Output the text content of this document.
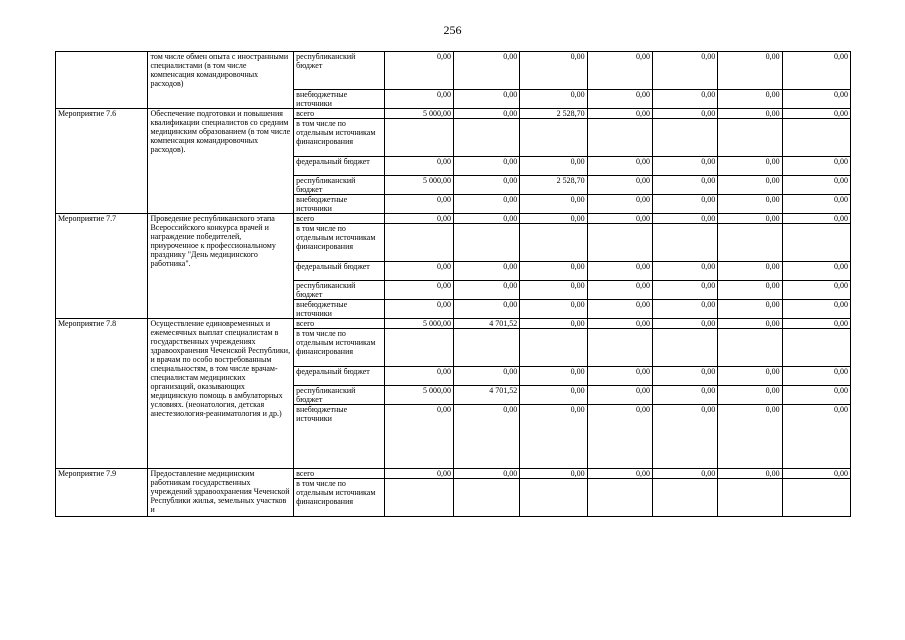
256
	том числе обмен опыта с иностранными специалистами (в том числе компенсация командировочных расходов)	республиканский бюджет	0,00	0,00	0,00	0,00	0,00	0,00	0,00
		внебюджетные источники	0,00	0,00	0,00	0,00	0,00	0,00	0,00
Мероприятие 7.6	Обеспечение подготовки и повышения квалификации специалистов со средним медицинским образованием (в том числе компенсация командировочных расходов).	всего	5 000,00	0,00	2 528,70	0,00	0,00	0,00	0,00
		в том числе по отдельным источникам финансирования							
		федеральный бюджет	0,00	0,00	0,00	0,00	0,00	0,00	0,00
		республиканский бюджет	5 000,00	0,00	2 528,70	0,00	0,00	0,00	0,00
		внебюджетные источники	0,00	0,00	0,00	0,00	0,00	0,00	0,00
Мероприятие 7.7	Проведение республиканского этапа Всероссийского конкурса врачей и награждение победителей, приуроченное к профессиональному празднику "День медицинского работника".	всего	0,00	0,00	0,00	0,00	0,00	0,00	0,00
		в том числе по отдельным источникам финансирования							
		федеральный бюджет	0,00	0,00	0,00	0,00	0,00	0,00	0,00
		республиканский бюджет	0,00	0,00	0,00	0,00	0,00	0,00	0,00
		внебюджетные источники	0,00	0,00	0,00	0,00	0,00	0,00	0,00
Мероприятие 7.8	Осуществление единовременных и ежемесячных выплат специалистам в государственных учреждениях здравоохранения Чеченской Республики, и врачам по особо востребованным специальностям, в том числе врачам-специалистам медицинских организаций, оказывающих медицинскую помощь в амбулаторных условиях. (неонатология, детская анестезиология-реаниматология и др.)	всего	5 000,00	4 701,52	0,00	0,00	0,00	0,00	0,00
		в том числе по отдельным источникам финансирования							
		федеральный бюджет	0,00	0,00	0,00	0,00	0,00	0,00	0,00
		республиканский бюджет	5 000,00	4 701,52	0,00	0,00	0,00	0,00	0,00
		внебюджетные источники	0,00	0,00	0,00	0,00	0,00	0,00	0,00
Мероприятие 7.9	Предоставление медицинским работникам государственных учреждений здравоохранения Чеченской Республики жилья, земельных участков и	всего	0,00	0,00	0,00	0,00	0,00	0,00	0,00
		в том числе по отдельным источникам финансирования							
